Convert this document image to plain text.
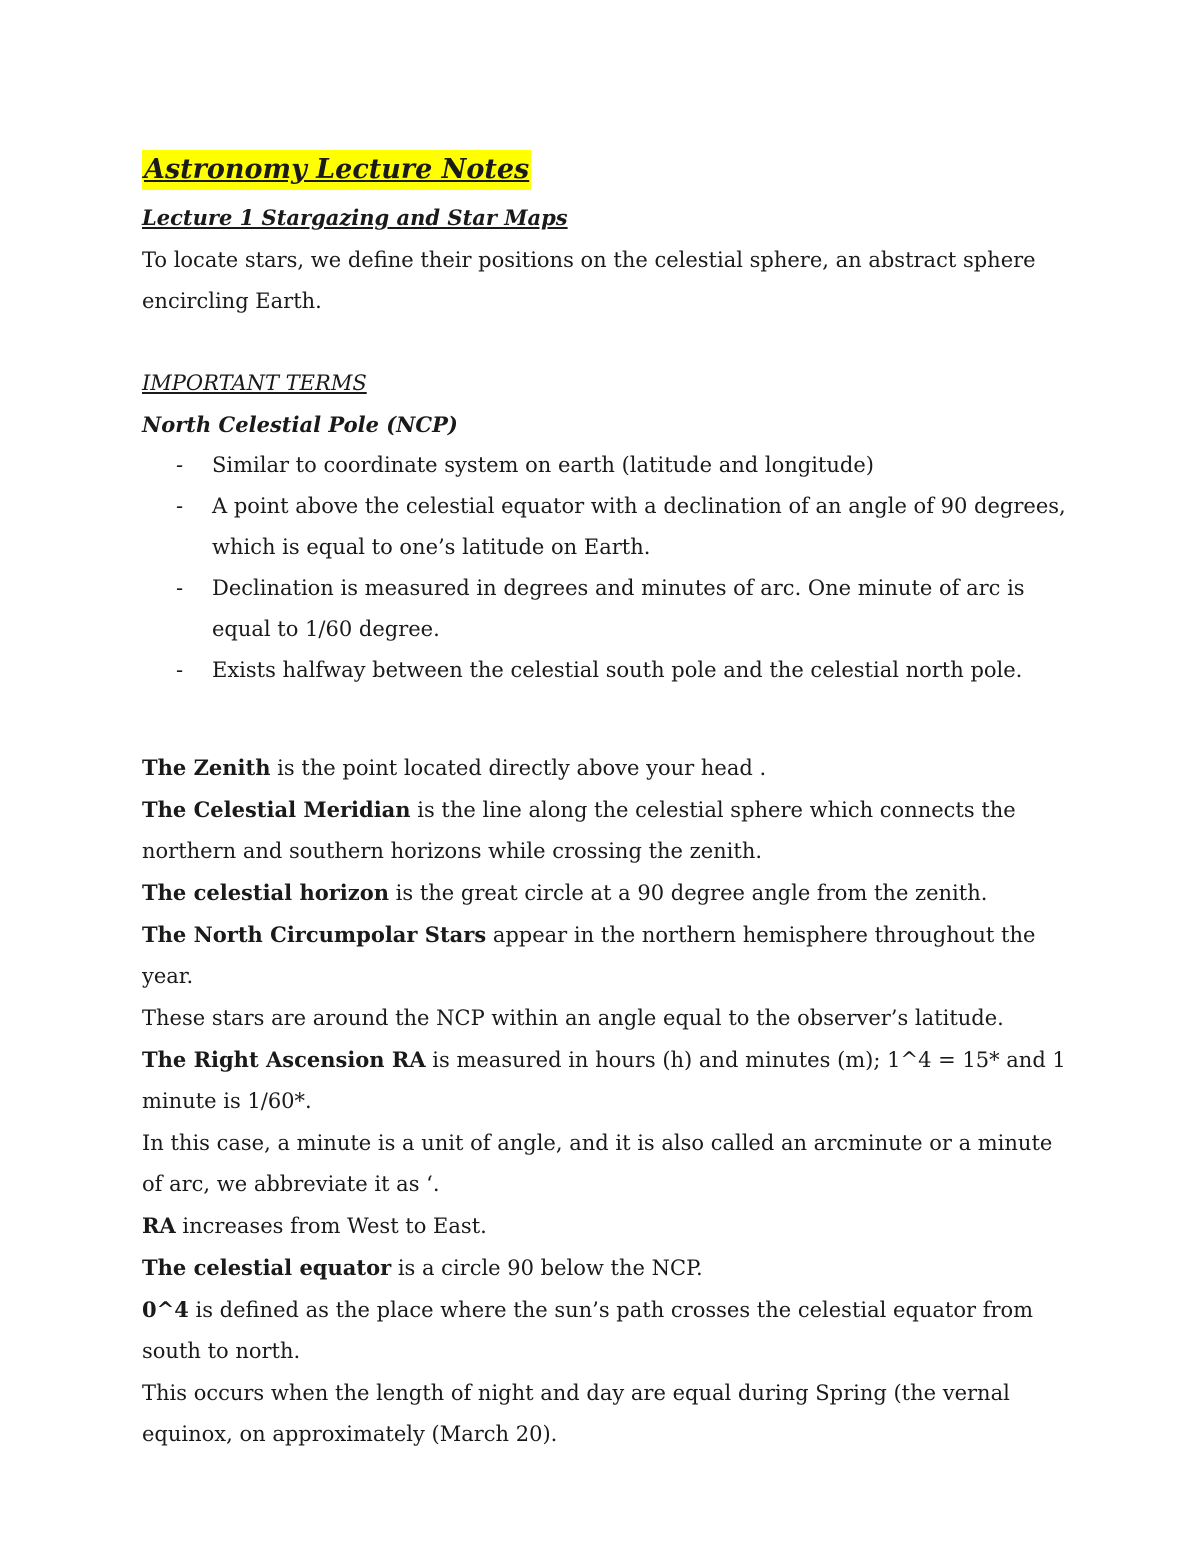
Astronomy Lecture Notes
Lecture 1 Stargazing and Star Maps

To locate stars, we define their positions on the celestial sphere, an abstract sphere encircling Earth.

IMPORTANT TERMS
North Celestial Pole (NCP)
- Similar to coordinate system on earth (latitude and longitude)
- A point above the celestial equator with a declination of an angle of 90 degrees, which is equal to one’s latitude on Earth.
- Declination is measured in degrees and minutes of arc. One minute of arc is equal to 1/60 degree.
- Exists halfway between the celestial south pole and the celestial north pole.

The Zenith is the point located directly above your head .

The Celestial Meridian is the line along the celestial sphere which connects the northern and southern horizons while crossing the zenith.

The celestial horizon is the great circle at a 90 degree angle from the zenith.

The North Circumpolar Stars appear in the northern hemisphere throughout the year.

These stars are around the NCP within an angle equal to the observer’s latitude.

The Right Ascension RA is measured in hours (h) and minutes (m); 1^4 = 15* and 1 minute is 1/60*.

In this case, a minute is a unit of angle, and it is also called an arcminute or a minute of arc, we abbreviate it as ‘.

RA increases from West to East.

The celestial equator is a circle 90 below the NCP.

0^4 is defined as the place where the sun’s path crosses the celestial equator from south to north.

This occurs when the length of night and day are equal during Spring (the vernal equinox, on approximately (March 20).
